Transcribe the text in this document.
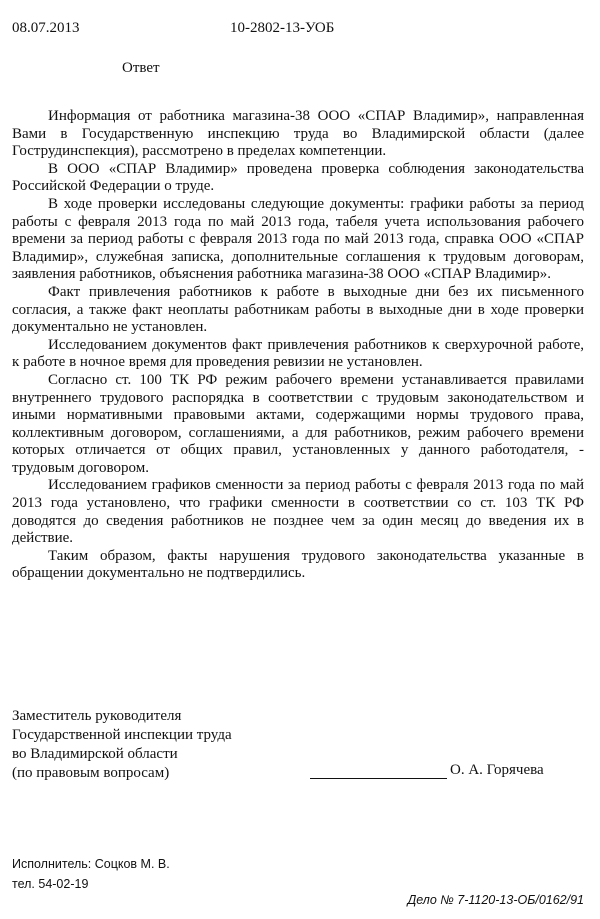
08.07.2013	10-2802-13-УОБ
Ответ

Информация от работника магазина-38 ООО «СПАР Владимир», направленная Вами в Государственную инспекцию труда во Владимирской области (далее Гострудинспекция), рассмотрено в пределах компетенции.

В ООО «СПАР Владимир» проведена проверка соблюдения законодательства Российской Федерации о труде.

В ходе проверки исследованы следующие документы: графики работы за период работы с февраля 2013 года по май 2013 года, табеля учета использования рабочего времени за период работы с февраля 2013 года по май 2013 года, справка ООО «СПАР Владимир», служебная записка, дополнительные соглашения к трудовым договорам, заявления работников, объяснения работника магазина-38 ООО «СПАР Владимир».

Факт привлечения работников к работе в выходные дни без их письменного согласия, а также факт неоплаты работникам работы в выходные дни в ходе проверки документально не установлен.

Исследованием документов факт привлечения работников к сверхурочной работе, к работе в ночное время для проведения ревизии не установлен.

Согласно ст. 100 ТК РФ режим рабочего времени устанавливается правилами внутреннего трудового распорядка в соответствии с трудовым законодательством и иными нормативными правовыми актами, содержащими нормы трудового права, коллективным договором, соглашениями, а для работников, режим рабочего времени которых отличается от общих правил, установленных у данного работодателя, - трудовым договором.

Исследованием графиков сменности за период работы с февраля 2013 года по май 2013 года установлено, что графики сменности в соответствии со ст. 103 ТК РФ доводятся до сведения работников не позднее чем за один месяц до введения их в действие.

Таким образом, факты нарушения трудового законодательства указанные в обращении документально не подтвердились.

Заместитель руководителя
Государственной инспекции труда
во Владимирской области
(по правовым вопросам)	О. А. Горячева
Исполнитель: Соцков М. В.
тел. 54-02-19
Дело № 7-1120-13-ОБ/0162/91
